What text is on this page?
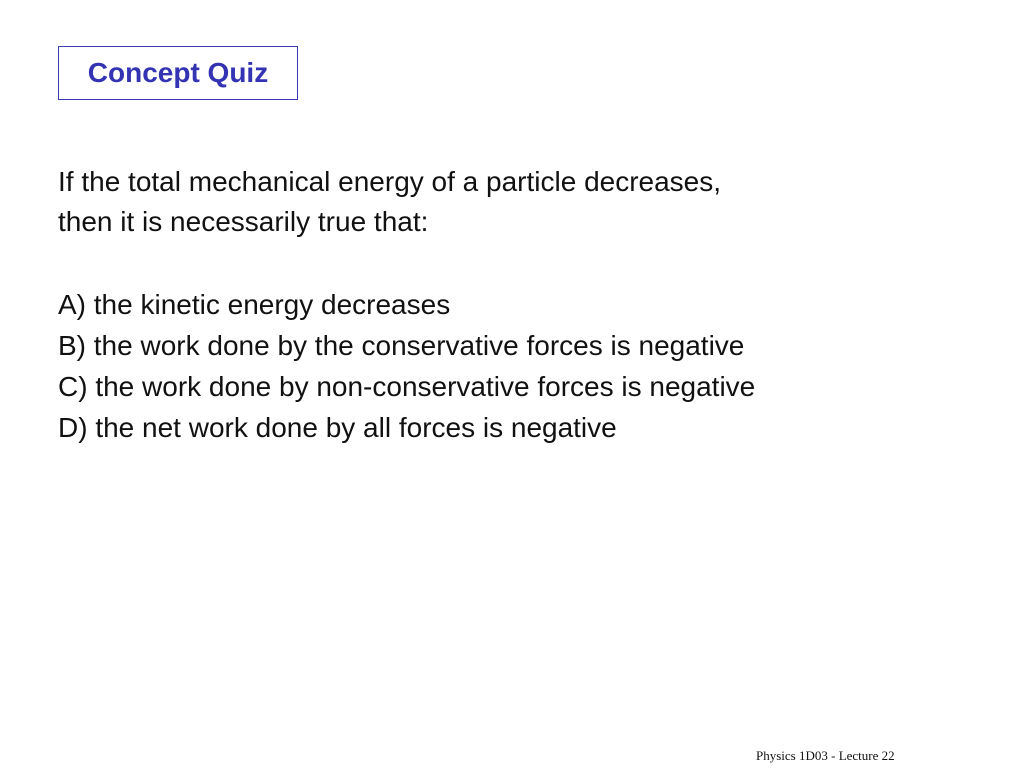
Concept Quiz
If the total mechanical energy of a particle decreases,
then it is necessarily true that:
A) the kinetic energy decreases
B) the work done by the conservative forces is negative
C) the work done by non-conservative forces is negative
D) the net work done by all forces is negative
Physics 1D03 - Lecture 22
